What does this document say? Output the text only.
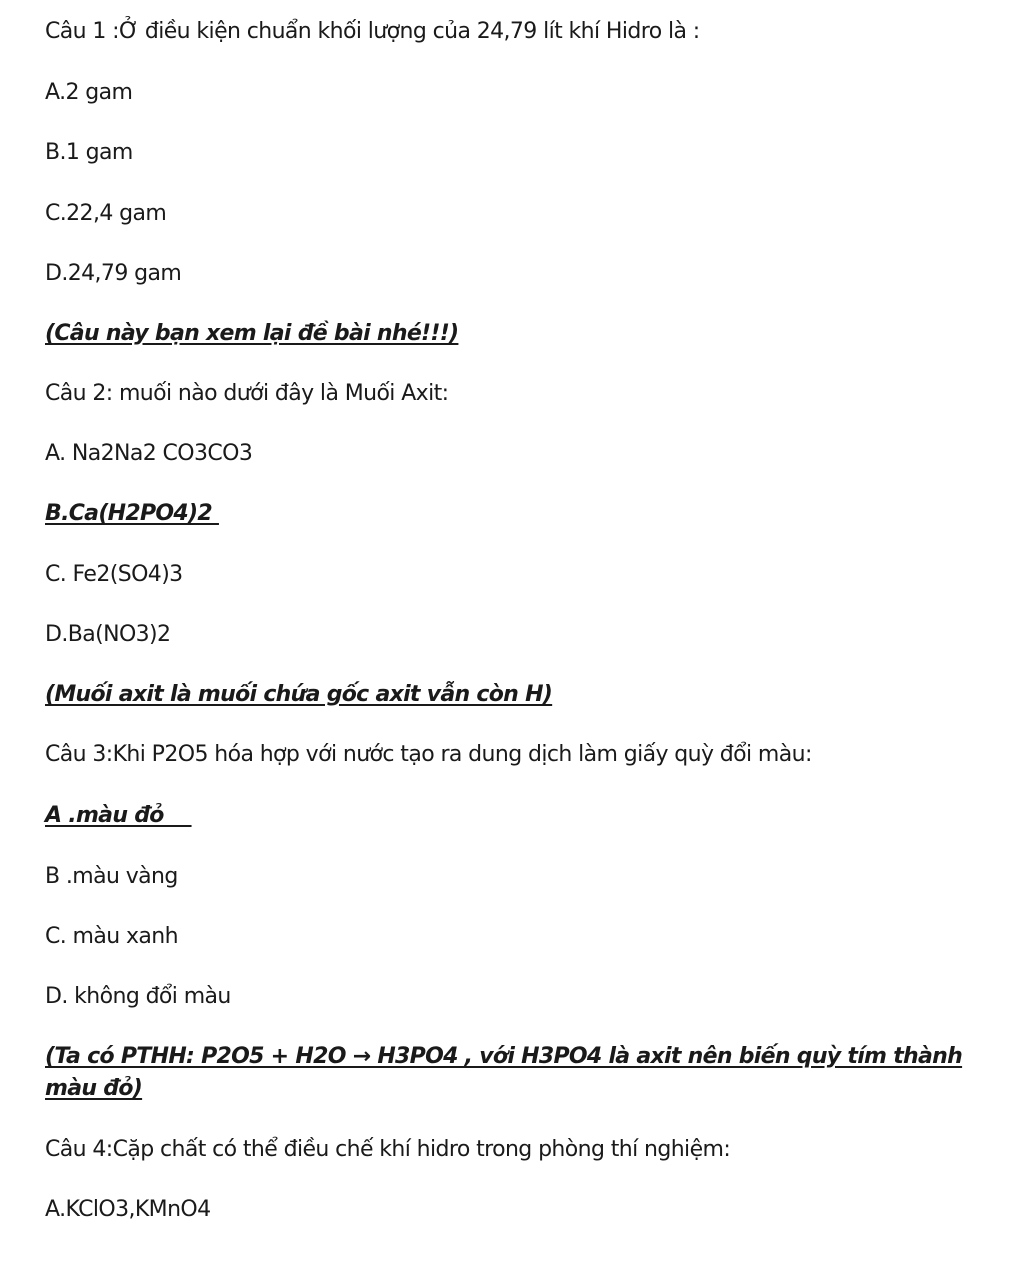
Câu 1 :Ở điều kiện chuẩn khối lượng của 24,79 lít khí Hidro là :

A.2 gam

B.1 gam

C.22,4 gam

D.24,79 gam

(Câu này bạn xem lại đề bài nhé!!!)

Câu 2: muối nào dưới đây là Muối Axit:

A. Na2Na2 CO3CO3

B.Ca(H2PO4)2

C. Fe2(SO4)3

D.Ba(NO3)2

(Muối axit là muối chứa gốc axit vẫn còn H)

Câu 3:Khi P2O5 hóa hợp với nước tạo ra dung dịch làm giấy quỳ đổi màu:

A .màu đỏ

B .màu vàng

C. màu xanh

D. không đổi màu

(Ta có PTHH: P2O5 + H2O → H3PO4 , với H3PO4 là axit nên biến quỳ tím thành màu đỏ)

Câu 4:Cặp chất có thể điều chế khí hidro trong phòng thí nghiệm:

A.KClO3,KMnO4
